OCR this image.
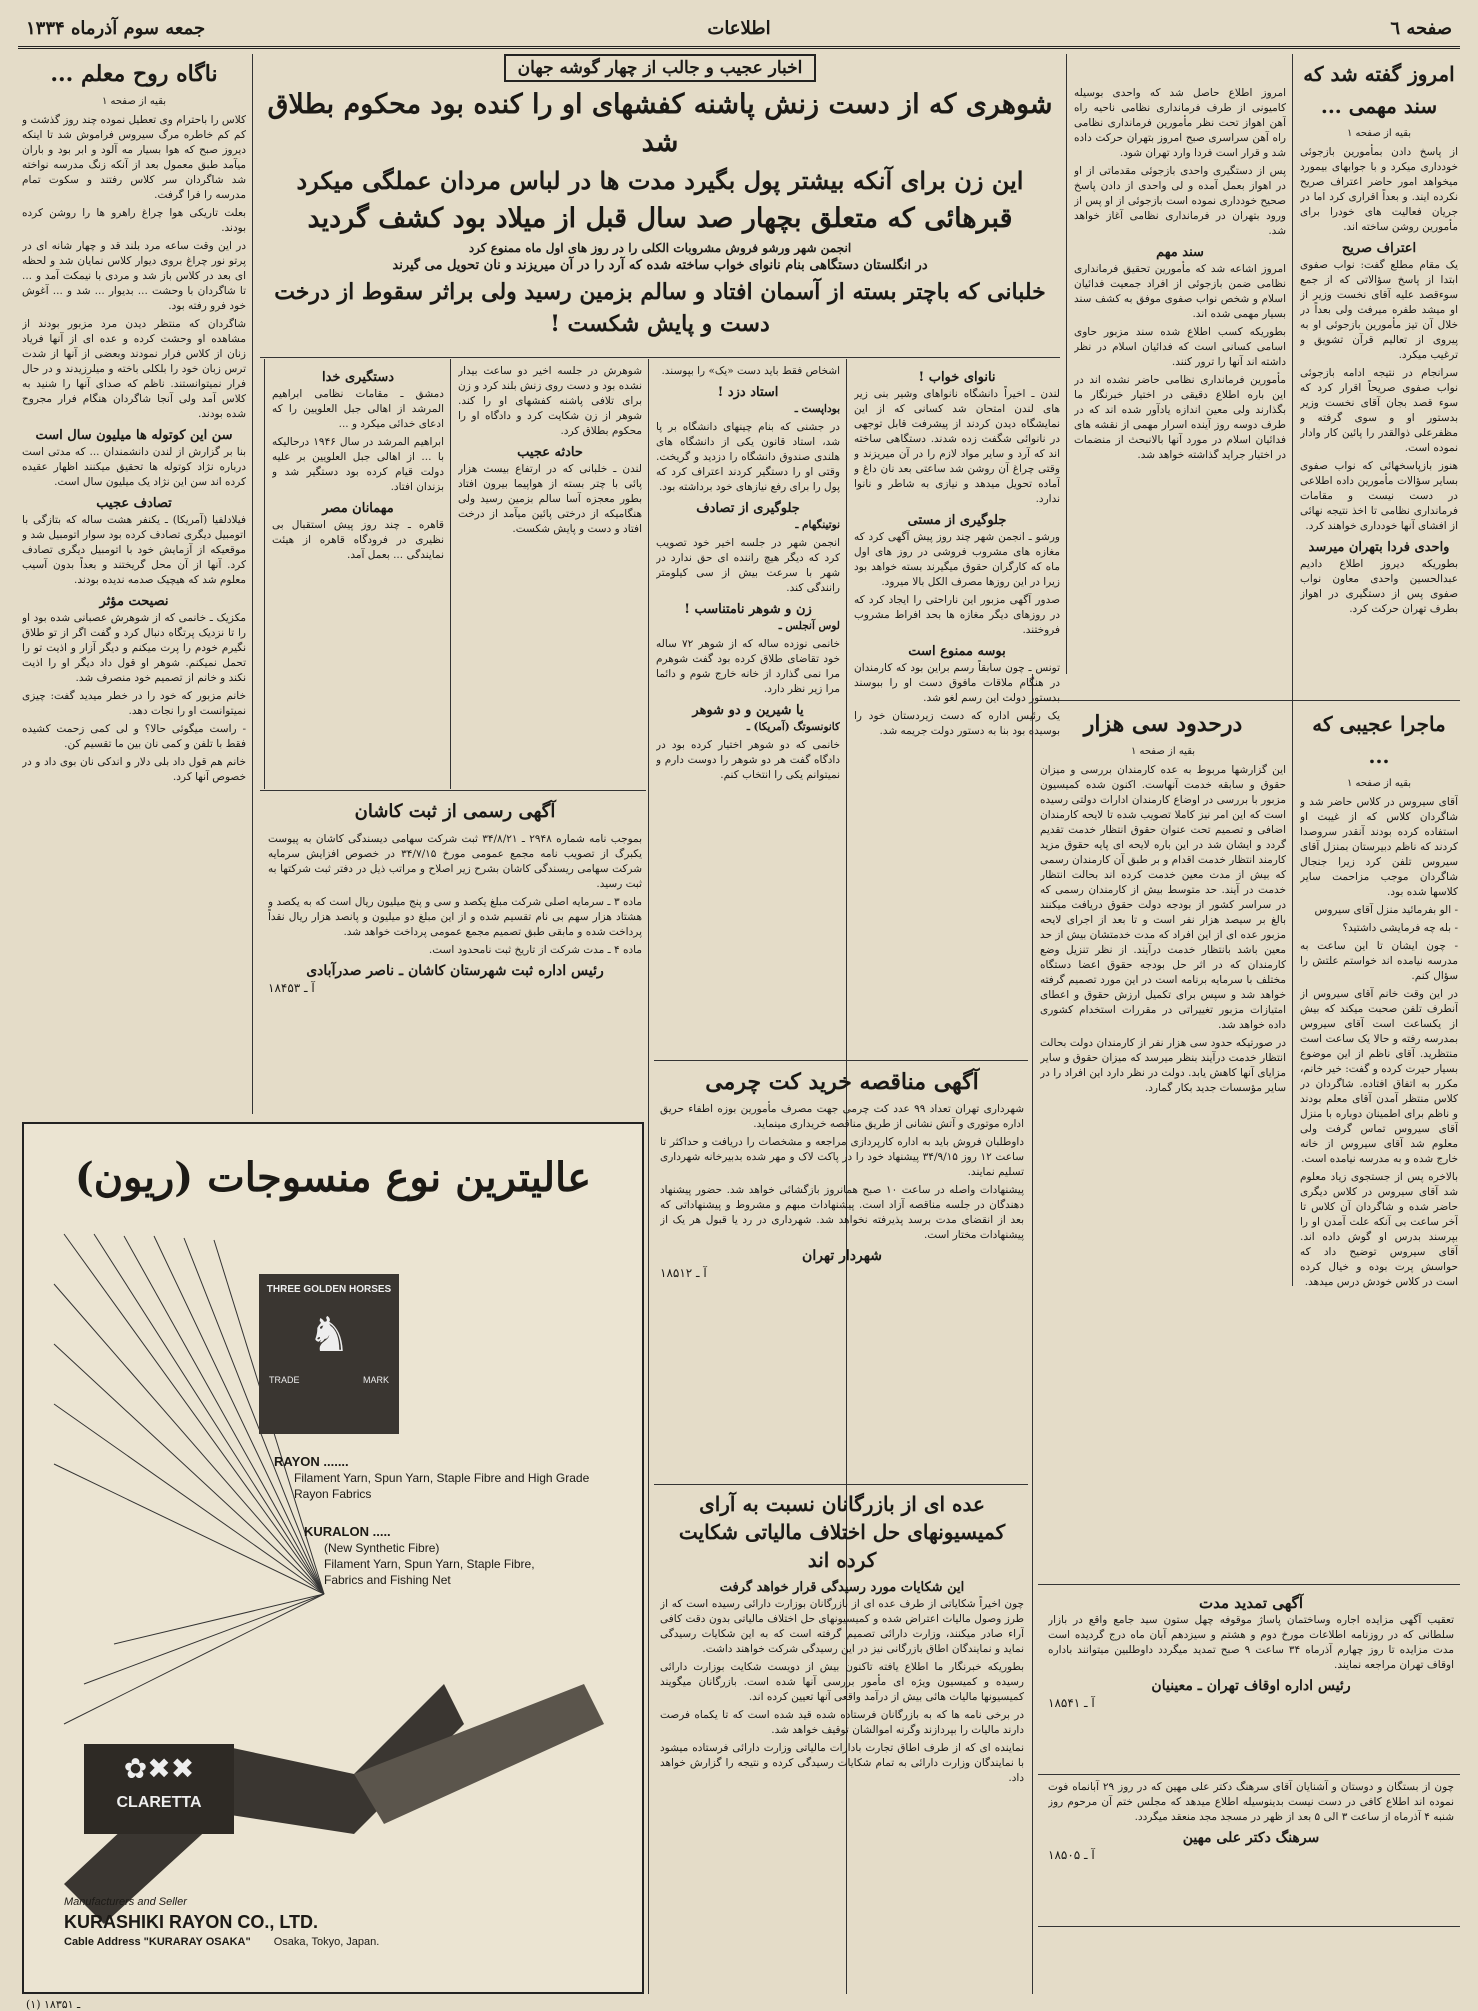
صفحه ٦
اطلاعات
جمعه سوم آذرماه ۱۳۳۴
امروز گفته شد که سند مهمی ...
بقیه از صفحه ۱

از پاسخ دادن بمأمورین بازجوئی خودداری میکرد و با جوابهای بیمورد میخواهد امور حاضر اعتراف صریح نکرده ایند. و بعداً اقراری کرد اما در جریان فعالیت های خودرا برای مأمورین روشن ساخته اند.

اعتراف صریح

یک مقام مطلع گفت: نواب صفوی ابتدا از پاسخ سؤالاتی که از جمع سوءقصد علیه آقای نخست وزیر از او میشد طفره میرفت ولی بعداً در خلال آن تیز مأمورین بازجوئی او به پیروی از تعالیم قرآن تشویق و ترغیب میکرد.

سرانجام در نتیجه ادامه بازجوئی نواب صفوی صریحاً اقرار کرد که سوء قصد بجان آقای نخست وزیر بدستور او و سوی گرفته و مظفرعلی ذوالقدر را پائین کار وادار نموده است.

هنوز بازپاسخهائی که نواب صفوی بسایر سؤالات مأمورین داده اطلاعی در دست نیست و مقامات فرمانداری نظامی تا اخذ نتیجه نهائی از افشای آنها خودداری خواهند کرد.

واحدی فردا بتهران میرسد

بطوریکه دیروز اطلاع دادیم عبدالحسین واحدی معاون نواب صفوی پس از دستگیری در اهواز بطرف تهران حرکت کرد.

امروز اطلاع حاصل شد که واحدی بوسیله کامیونی از طرف فرمانداری نظامی ناحیه راه آهن اهواز تحت نظر مأمورین فرمانداری نظامی راه آهن سراسری صبح امروز بتهران حرکت داده شد و قرار است فردا وارد تهران شود.

پس از دستگیری واحدی بازجوئی مقدماتی از او در اهواز بعمل آمده و لی واحدی از دادن پاسخ صحیح خودداری نموده است بازجوئی از او پس از ورود بتهران در فرمانداری نظامی آغاز خواهد شد.

سند مهم

امروز اشاعه شد که مأمورین تحقیق فرمانداری نظامی ضمن بازجوئی از افراد جمعیت فدائیان اسلام و شخص نواب صفوی موفق به کشف سند بسیار مهمی شده اند.

بطوریکه کسب اطلاع شده سند مزبور حاوی اسامی کسانی است که فدائیان اسلام در نظر داشته اند آنها را ترور کنند.

مأمورین فرمانداری نظامی حاضر نشده اند در این باره اطلاع دقیقی در اختیار خبرنگار ما بگذارند ولی معین اندازه یادآور شده اند که در طرف دوسه روز آینده اسرار مهمی از نقشه های فدائیان اسلام در مورد آنها بالانبحث از منضمات در اختیار جراید گذاشته خواهد شد.

اخبار عجیب و جالب از چهار گوشه جهان
شوهری که از دست زنش پاشنه کفشهای او را کنده بود محکوم بطلاق شد
این زن برای آنکه بیشتر پول بگیرد مدت ها در لباس مردان عملگی میکرد
قبرهائی که متعلق بچهار صد سال قبل از میلاد بود کشف گردید
انجمن شهر ورشو فروش مشروبات الکلی را در روز های اول ماه ممنوع کرد
در انگلستان دستگاهی بنام نانوای خواب ساخته شده که آرد را در آن میریزند و نان تحویل می گیرند
خلبانی که باچتر بسته از آسمان افتاد و سالم بزمین رسید ولی براثر سقوط از درخت دست و پایش شکست !
نانوای خواب !

لندن ـ اخیراً دانشگاه نانواهای وشیر بنی زیر های لندن امتحان شد کسانی که از این نمایشگاه دیدن کردند از پیشرفت قابل توجهی در نانوائی شگفت زده شدند. دستگاهی ساخته اند که آرد و سایر مواد لازم را در آن میریزند و وقتی چراغ آن روشن شد ساعتی بعد نان داغ و آماده تحویل میدهد و نیازی به شاطر و نانوا ندارد.

جلوگیری از مستی

ورشو ـ انجمن شهر چند روز پیش آگهی کرد که مغازه های مشروب فروشی در روز های اول ماه که کارگران حقوق میگیرند بسته خواهد بود زیرا در این روزها مصرف الکل بالا میرود.

صدور آگهی مزبور این ناراحتی را ایجاد کرد که در روزهای دیگر مغازه ها بحد افراط مشروب فروختند.

بوسه ممنوع است

تونس ـ چون سابقاً رسم براین بود که کارمندان در هنگام ملاقات مافوق دست او را ببوسند بدستور دولت این رسم لغو شد.

یک رئیس اداره که دست زیردستان خود را بوسیده بود بنا به دستور دولت جریمه شد.

اشخاص فقط باید دست «یک» را بپوسند.

استاد دزد !

بوداپست ـ

در جشنی که بنام چینهای دانشگاه بر پا شد، استاد قانون یکی از دانشگاه های هلندی صندوق دانشگاه را دزدید و گریخت. وقتی او را دستگیر کردند اعتراف کرد که پول را برای رفع نیازهای خود برداشته بود.

جلوگیری از تصادف

نوتینگهام ـ

انجمن شهر در جلسه اخیر خود تصویب کرد که دیگر هیچ راننده ای حق ندارد در شهر با سرعت بیش از سی کیلومتر رانندگی کند.

زن و شوهر نامتناسب !

لوس آنجلس ـ

خانمی نوزده ساله که از شوهر ۷۲ ساله خود تقاضای طلاق کرده بود گفت شوهرم مرا نمی گذارد از خانه خارج شوم و دائما مرا زیر نظر دارد.

یا شیرین و دو شوهر

کانونسوتگ (آمریکا) ـ

خانمی که دو شوهر اختیار کرده بود در دادگاه گفت هر دو شوهر را دوست دارم و نمیتوانم یکی را انتخاب کنم.

شوهرش در جلسه اخیر دو ساعت بیدار نشده بود و دست روی زنش بلند کرد و زن برای تلافی پاشنه کفشهای او را کند. شوهر از زن شکایت کرد و دادگاه او را محکوم بطلاق کرد.

حادثه عجیب

لندن ـ خلبانی که در ارتفاع بیست هزار پائی با چتر بسته از هواپیما بیرون افتاد بطور معجزه آسا سالم بزمین رسید ولی هنگامیکه از درختی پائین میآمد از درخت افتاد و دست و پایش شکست.

دستگیری خدا

دمشق ـ مقامات نظامی ابراهیم المرشد از اهالی جبل العلویین را که ادعای خدائی میکرد و ...

ابراهیم المرشد در سال ۱۹۴۶ درحالیکه با ... از اهالی جبل العلویین بر علیه دولت قیام کرده بود دستگیر شد و بزندان افتاد.

مهمانان مصر

قاهره ـ چند روز پیش استقبال بی نظیری در فرودگاه قاهره از هیئت نمایندگی ... بعمل آمد.

آگهی رسمی از ثبت کاشان

بموجب نامه شماره ۲۹۴۸ ـ ۳۴/۸/۲۱ ثبت شرکت سهامی دیسندگی کاشان به پیوست یکبرگ از تصویب نامه مجمع عمومی مورخ ۳۴/۷/۱۵ در خصوص افزایش سرمایه شرکت سهامی ریسندگی کاشان بشرح زیر اصلاح و مراتب ذیل در دفتر ثبت شرکتها به ثبت رسید.

ماده ۳ ـ سرمایه اصلی شرکت مبلغ یکصد و سی و پنج میلیون ریال است که به یکصد و هشتاد هزار سهم بی نام تقسیم شده و از این مبلغ دو میلیون و پانصد هزار ریال نقداً پرداخت شده و مابقی طبق تصمیم مجمع عمومی پرداخت خواهد شد.

ماده ۴ ـ مدت شرکت از تاریخ ثبت نامحدود است.

رئیس اداره ثبت شهرستان کاشان ـ ناصر صدرآبادی
آ ـ ۱۸۴۵۳
آگهی مناقصه خرید کت چرمی

شهرداری تهران تعداد ۹۹ عدد کت چرمی جهت مصرف مأمورین بوزه اطفاء حریق اداره موتوری و آتش نشانی از طریق مناقصه خریداری مینماید.

داوطلبان فروش باید به اداره کارپردازی مراجعه و مشخصات را دریافت و حداکثر تا ساعت ۱۲ روز ۳۴/۹/۱۵ پیشنهاد خود را در پاکت لاک و مهر شده بدبیرخانه شهرداری تسلیم نمایند.

پیشنهادات واصله در ساعت ۱۰ صبح همانروز بازگشائی خواهد شد. حضور پیشنهاد دهندگان در جلسه مناقصه آزاد است. پیشنهادات مبهم و مشروط و پیشنهاداتی که بعد از انقضای مدت برسد پذیرفته نخواهد شد. شهرداری در رد یا قبول هر یک از پیشنهادات مختار است.

شهردار تهران
آ ـ ۱۸۵۱۲
عده ای از بازرگانان نسبت به آرای
کمیسیونهای حل اختلاف مالیاتی شکایت کرده اند
این شکایات مورد رسیدگی قرار خواهد گرفت

چون اخیراً شکایاتی از طرف عده ای از بازرگانان بوزارت دارائی رسیده است که از طرز وصول مالیات اعتراض شده و کمیسیونهای حل اختلاف مالیاتی بدون دقت کافی آراء صادر میکنند، وزارت دارائی تصمیم گرفته است که به این شکایات رسیدگی نماید و نمایندگان اطاق بازرگانی نیز در این رسیدگی شرکت خواهند داشت.

بطوریکه خبرنگار ما اطلاع یافته تاکنون بیش از دویست شکایت بوزارت دارائی رسیده و کمیسیون ویژه ای مأمور بررسی آنها شده است. بازرگانان میگویند کمیسیونها مالیات هائی بیش از درآمد واقعی آنها تعیین کرده اند.

در برخی نامه ها که به بازرگانان فرستاده شده قید شده است که تا یکماه فرصت دارند مالیات را بپردازند وگرنه اموالشان توقیف خواهد شد.

نماینده ای که از طرف اطاق تجارت بادارات مالیاتی وزارت دارائی فرستاده میشود با نمایندگان وزارت دارائی به تمام شکایات رسیدگی کرده و نتیجه را گزارش خواهد داد.

درحدود سی هزار
بقیه از صفحه ۱

این گزارشها مربوط به عده کارمندان بررسی و میزان حقوق و سابقه خدمت آنهاست. اکنون شده کمیسیون مزبور با بررسی در اوضاع کارمندان ادارات دولتی رسیده است که این امر نیز کاملا تصویب شده تا لایحه کارمندان اضافی و تصمیم تحت عنوان حقوق انتظار خدمت تقدیم گردد و ایشان شد در این باره لایحه ای پایه حقوق مزید کارمند انتظار خدمت اقدام و بر طبق آن کارمندان رسمی که بیش از مدت معین خدمت کرده اند بحالت انتظار خدمت در آیند. حد متوسط بیش از کارمندان رسمی که در سراسر کشور از بودجه دولت حقوق دریافت میکنند بالغ بر سیصد هزار نفر است و تا بعد از اجرای لایحه مزبور عده ای از این افراد که مدت خدمتشان بیش از حد معین باشد بانتظار خدمت درآیند. از نظر تنزیل وضع کارمندان که در اثر حل بودجه حقوق اعضا دستگاه مختلف با سرمایه برنامه است در این مورد تصمیم گرفته خواهد شد و سپس برای تکمیل ارزش حقوق و اعطای امتیازات مزبور تغییراتی در مقررات استخدام کشوری داده خواهد شد.

در صورتیکه حدود سی هزار نفر از کارمندان دولت بحالت انتظار خدمت درآیند بنظر میرسد که میزان حقوق و سایر مزایای آنها کاهش یابد. دولت در نظر دارد این افراد را در سایر مؤسسات جدید بکار گمارد.

ماجرا عجیبی که ...
بقیه از صفحه ۱

آقای سیروس در کلاس حاضر شد و شاگردان کلاس که از غیبت او استفاده کرده بودند آنقدر سروصدا کردند که ناظم دبیرستان بمنزل آقای سیروس تلفن کرد زیرا جنجال شاگردان موجب مزاحمت سایر کلاسها شده بود.

- الو بفرمائید منزل آقای سیروس

- بله چه فرمایشی داشتید؟

- چون ایشان تا این ساعت به مدرسه نیامده اند خواستم علتش را سؤال کنم.

در این وقت خانم آقای سیروس از آنطرف تلفن صحبت میکند که بیش از یکساعت است آقای سیروس بمدرسه رفته و حالا یک ساعت است منتظرید. آقای ناظم از این موضوع بسیار حیرت کرده و گفت: خیر خانم، مکرر به اتفاق افتاده. شاگردان در کلاس منتظر آمدن آقای معلم بودند و ناظم برای اطمینان دوباره با منزل آقای سیروس تماس گرفت ولی معلوم شد آقای سیروس از خانه خارج شده و به مدرسه نیامده است.

بالاخره پس از جستجوی زیاد معلوم شد آقای سیروس در کلاس دیگری حاضر شده و شاگردان آن کلاس تا آخر ساعت بی آنکه علت آمدن او را بپرسند بدرس او گوش داده اند. آقای سیروس توضیح داد که حواسش پرت بوده و خیال کرده است در کلاس خودش درس میدهد.

آگهی تمدید مدت

تعقیب آگهی مزایده اجاره وساختمان پاساژ موقوفه چهل ستون سید جامع واقع در بازار سلطانی که در روزنامه اطلاعات مورخ دوم و هشتم و سیزدهم آبان ماه درج گردیده است مدت مزایده تا روز چهارم آذرماه ۳۴ ساعت ۹ صبح تمدید میگردد داوطلبین میتوانند باداره اوقاف تهران مراجعه نمایند.

رئیس اداره اوقاف تهران ـ معینیان
آ ـ ۱۸۵۴۱

چون از بستگان و دوستان و آشنایان آقای سرهنگ دکتر علی مهین که در روز ۲۹ آبانماه فوت نموده اند اطلاع کافی در دست نیست بدینوسیله اطلاع میدهد که مجلس ختم آن مرحوم روز شنبه ۴ آذرماه از ساعت ۳ الی ۵ بعد از ظهر در مسجد مجد منعقد میگردد.

سرهنگ دکتر علی مهین
آ ـ ۱۸۵۰۵
ناگاه روح معلم ...
بقیه از صفحه ۱

کلاس را باحترام وی تعطیل نموده چند روز گذشت و کم کم خاطره مرگ سیروس فراموش شد تا اینکه دیروز صبح که هوا بسیار مه آلود و ابر بود و باران میآمد طبق معمول بعد از آنکه زنگ مدرسه نواخته شد شاگردان سر کلاس رفتند و سکوت تمام مدرسه را فرا گرفت.

بعلت تاریکی هوا چراغ راهرو ها را روشن کرده بودند.

در این وقت ساعه مرد بلند قد و چهار شانه ای در پرتو نور چراغ بروی دیوار کلاس نمایان شد و لحظه ای بعد در کلاس باز شد و مردی با نیمکت آمد و ... تا شاگردان با وحشت ... بدیوار ... شد و ... آغوش خود فرو رفته بود.

شاگردان که منتظر دیدن مرد مزبور بودند از مشاهده او وحشت کرده و عده ای از آنها فریاد زنان از کلاس فرار نمودند وبعضی از آنها از شدت ترس زبان خود را بلکلی باخته و میلرزیدند و در حال فرار نمیتوانستند. ناظم که صدای آنها را شنید به کلاس آمد ولی آنجا شاگردان هنگام فرار مجروح شده بودند.

سن این کوتوله ها میلیون سال است

بنا بر گزارش از لندن دانشمندان ... که مدتی است درباره نژاد کوتوله ها تحقیق میکنند اظهار عقیده کرده اند سن این نژاد یک میلیون سال است.

تصادف عجیب

فیلادلفیا (آمریکا) ـ یکنفر هشت ساله که بتازگی با اتومبیل دیگری تصادف کرده بود سوار اتومبیل شد و موقعیکه از آزمایش خود با اتومبیل دیگری تصادف کرد. آنها از آن محل گریختند و بعداً بدون آسیب معلوم شد که هیچیک صدمه ندیده بودند.

نصیحت مؤثر

مکزیک ـ خانمی که از شوهرش عصبانی شده بود او را تا نزدیک پرتگاه دنبال کرد و گفت اگر از تو طلاق نگیرم خودم را پرت میکنم و دیگر آزار و اذیت تو را تحمل نمیکنم. شوهر او قول داد دیگر او را اذیت نکند و خانم از تصمیم خود منصرف شد.

خانم مزبور که خود را در خطر میدید گفت: چیزی نمیتوانست او را نجات دهد.

- راست میگوئی حالا؟ و لی کمی زحمت کشیده فقط با تلفن و کمی نان بین ما تقسیم کن.

خانم هم قول داد بلی دلار و اندکی نان بوی داد و در خصوص آنها کرد.

عالیترین نوع منسوجات (ریون)
THREE GOLDEN HORSES
♞
TRADE	MARK
RAYON .......
Filament Yarn, Spun Yarn, Staple Fibre and High Grade Rayon Fabrics
KURALON .....
(New Synthetic Fibre)
Filament Yarn, Spun Yarn, Staple Fibre, Fabrics and Fishing Net
✖✖✿
CLARETTA
Manufacturers and Seller
KURASHIKI RAYON CO., LTD.
Cable Address "KURARAY OSAKA" Osaka, Tokyo, Japan.
(۱) ـ ۱۸۳۵۱
